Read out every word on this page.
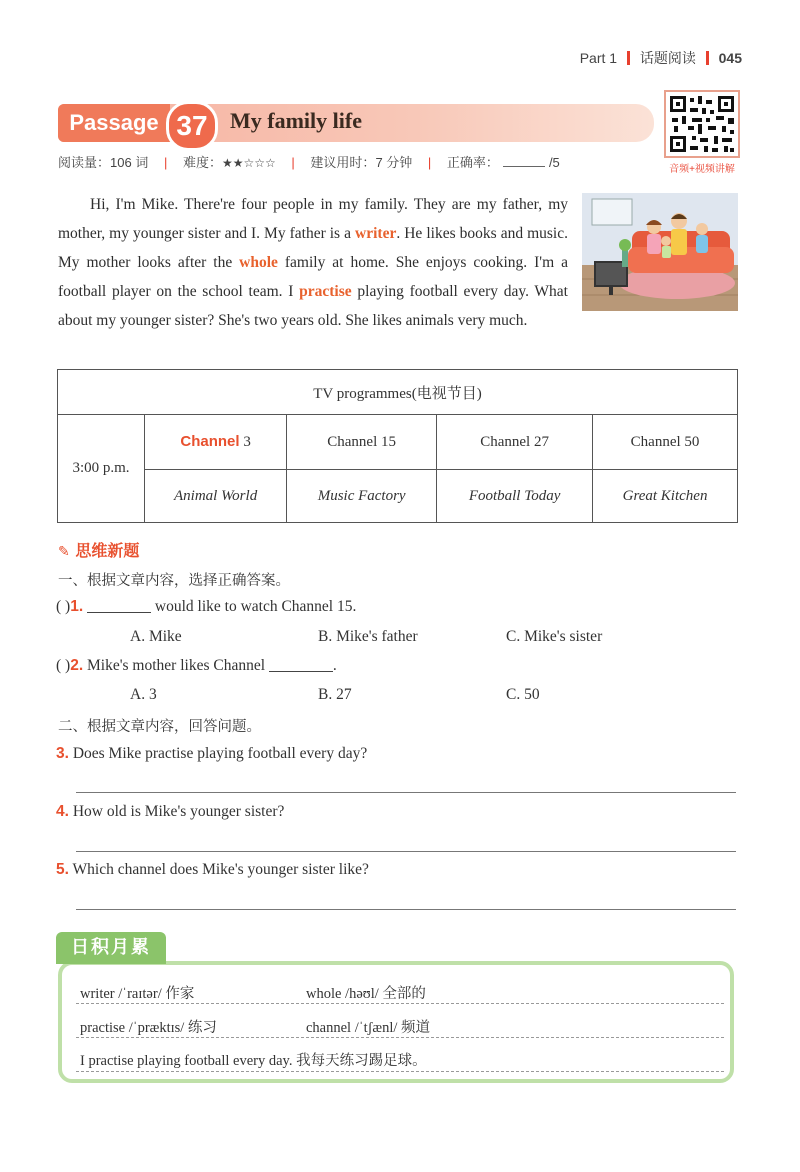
Part 1 话题阅读 045
Passage 37	My family life
音频+视频讲解
阅读量：106 词 | 难度：★★☆☆☆ | 建议用时：7 分钟 | 正确率：	/5
Hi, I'm Mike. There're four people in my family. They are my father, my mother, my younger sister and I. My father is a writer. He likes books and music. My mother looks after the whole family at home. She enjoys cooking. I'm a football player on the school team. I practise playing football every day. What about my younger sister? She's two years old. She likes animals very much.
TV programmes(电视节目)				
3:00 p.m.	Channel 3	Channel 15	Channel 27	Channel 50
	Animal World	Music Factory	Football Today	Great Kitchen
✎ 思维新题
一、根据文章内容，选择正确答案。
( )1.	would like to watch Channel 15.
A. Mike	B. Mike's father	C. Mike's sister
( )2. Mike's mother likes Channel	.
A. 3	B. 27	C. 50
二、根据文章内容，回答问题。
3. Does Mike practise playing football every day?
4. How old is Mike's younger sister?
5. Which channel does Mike's younger sister like?
日积月累
writer /ˈraɪtər/ 作家	whole /həʊl/ 全部的
practise /ˈpræktɪs/ 练习	channel /ˈtʃænl/ 频道
I practise playing football every day. 我每天练习踢足球。
